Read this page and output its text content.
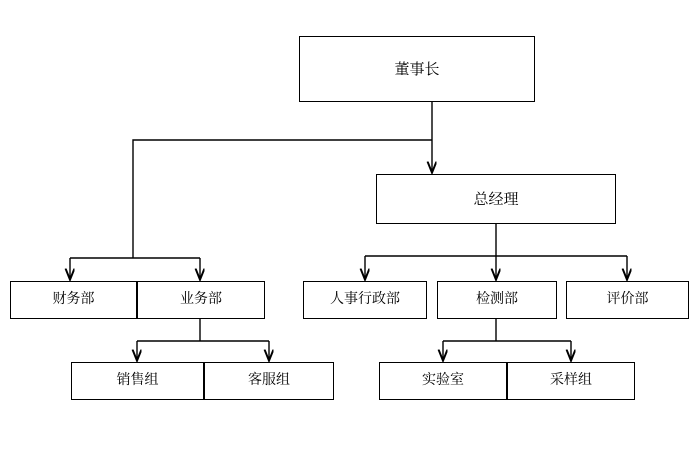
董事长
总经理
财务部	业务部	人事行政部	检测部	评价部
销售组	客服组	实验室	采样组
